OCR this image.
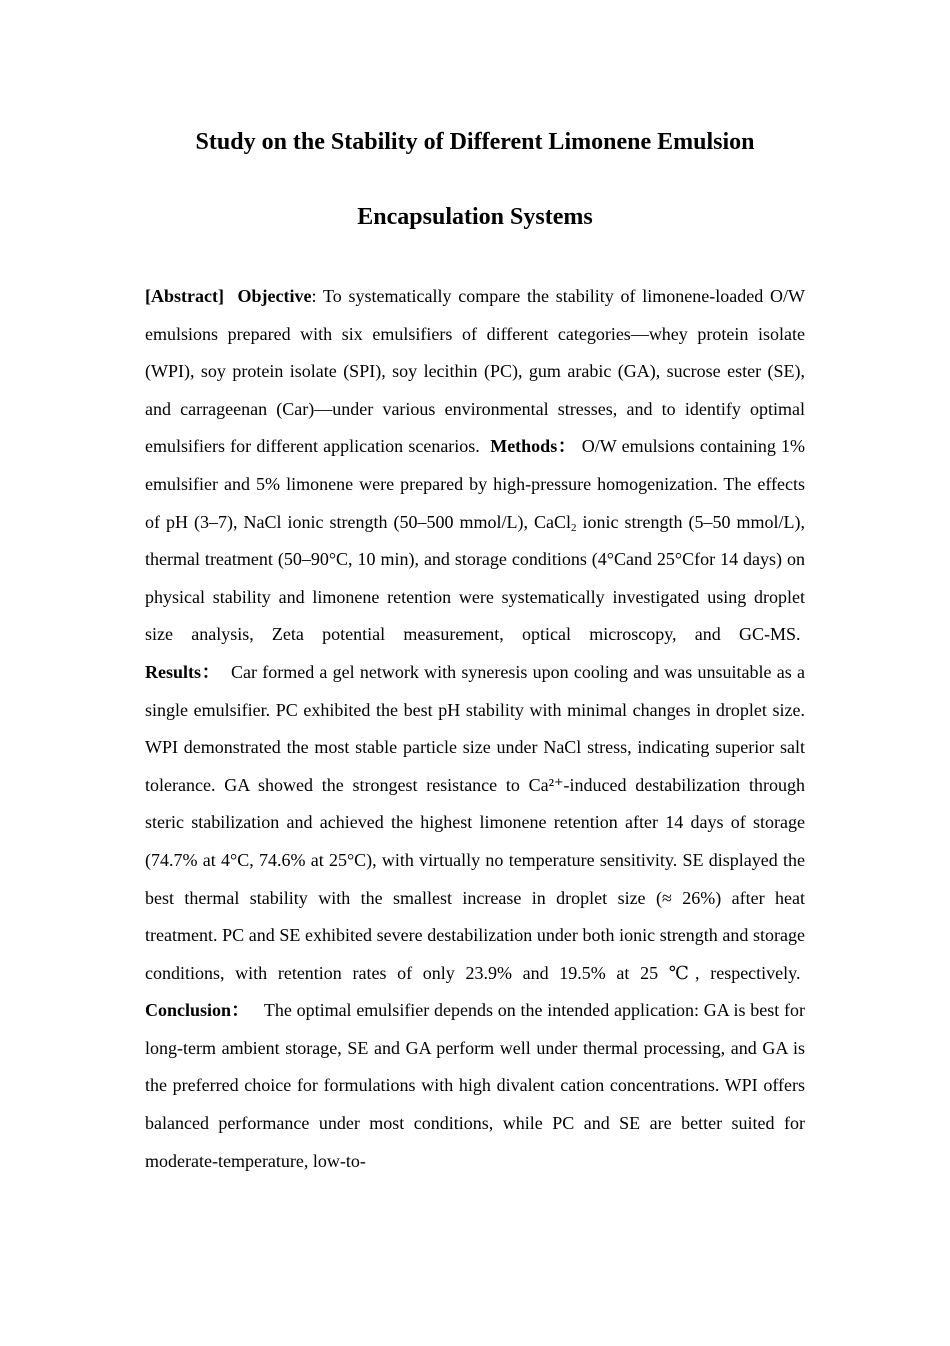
Study on the Stability of Different Limonene Emulsion
Encapsulation Systems

[Abstract] Objective: To systematically compare the stability of limonene-loaded O/W emulsions prepared with six emulsifiers of different categories—whey protein isolate (WPI), soy protein isolate (SPI), soy lecithin (PC), gum arabic (GA), sucrose ester (SE), and carrageenan (Car)—under various environmental stresses, and to identify optimal emulsifiers for different application scenarios. Methods： O/W emulsions containing 1% emulsifier and 5% limonene were prepared by high-pressure homogenization. The effects of pH (3–7), NaCl ionic strength (50–500 mmol/L), CaCl$_2$ ionic strength (5–50 mmol/L), thermal treatment (50–90°C, 10 min), and storage conditions (4°Cand 25°Cfor 14 days) on physical stability and limonene retention were systematically investigated using droplet size analysis, Zeta potential measurement, optical microscopy, and GC-MS.  Results： Car formed a gel network with syneresis upon cooling and was unsuitable as a single emulsifier. PC exhibited the best pH stability with minimal changes in droplet size. WPI demonstrated the most stable particle size under NaCl stress, indicating superior salt tolerance. GA showed the strongest resistance to Ca²⁺-induced destabilization through steric stabilization and achieved the highest limonene retention after 14 days of storage (74.7% at 4°C, 74.6% at 25°C), with virtually no temperature sensitivity. SE displayed the best thermal stability with the smallest increase in droplet size (≈ 26%) after heat treatment. PC and SE exhibited severe destabilization under both ionic strength and storage conditions, with retention rates of only 23.9% and 19.5% at 25 ℃, respectively.  Conclusion： The optimal emulsifier depends on the intended application: GA is best for long-term ambient storage, SE and GA perform well under thermal processing, and GA is the preferred choice for formulations with high divalent cation concentrations. WPI offers balanced performance under most conditions, while PC and SE are better suited for moderate-temperature, low-to-
